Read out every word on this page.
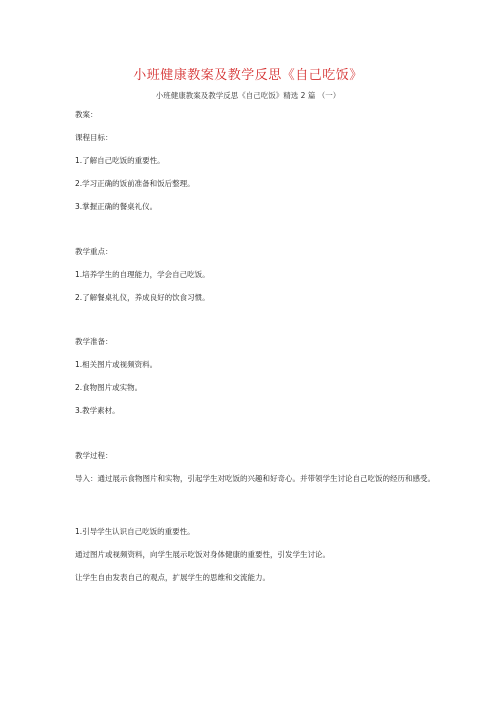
小班健康教案及教学反思《自己吃饭》
小班健康教案及教学反思《自己吃饭》精选 2 篇 （一）
教案：
课程目标：
1.了解自己吃饭的重要性。
2.学习正确的饭前准备和饭后整理。
3.掌握正确的餐桌礼仪。
教学重点：
1.培养学生的自理能力，学会自己吃饭。
2.了解餐桌礼仪，养成良好的饮食习惯。
教学准备：
1.相关图片或视频资料。
2.食物图片或实物。
3.教学素材。
教学过程：
导入：通过展示食物图片和实物，引起学生对吃饭的兴趣和好奇心。并带领学生讨论自己吃饭的经历和感受。
1.引导学生认识自己吃饭的重要性。
通过图片或视频资料，向学生展示吃饭对身体健康的重要性，引发学生讨论。
让学生自由发表自己的观点，扩展学生的思维和交流能力。
